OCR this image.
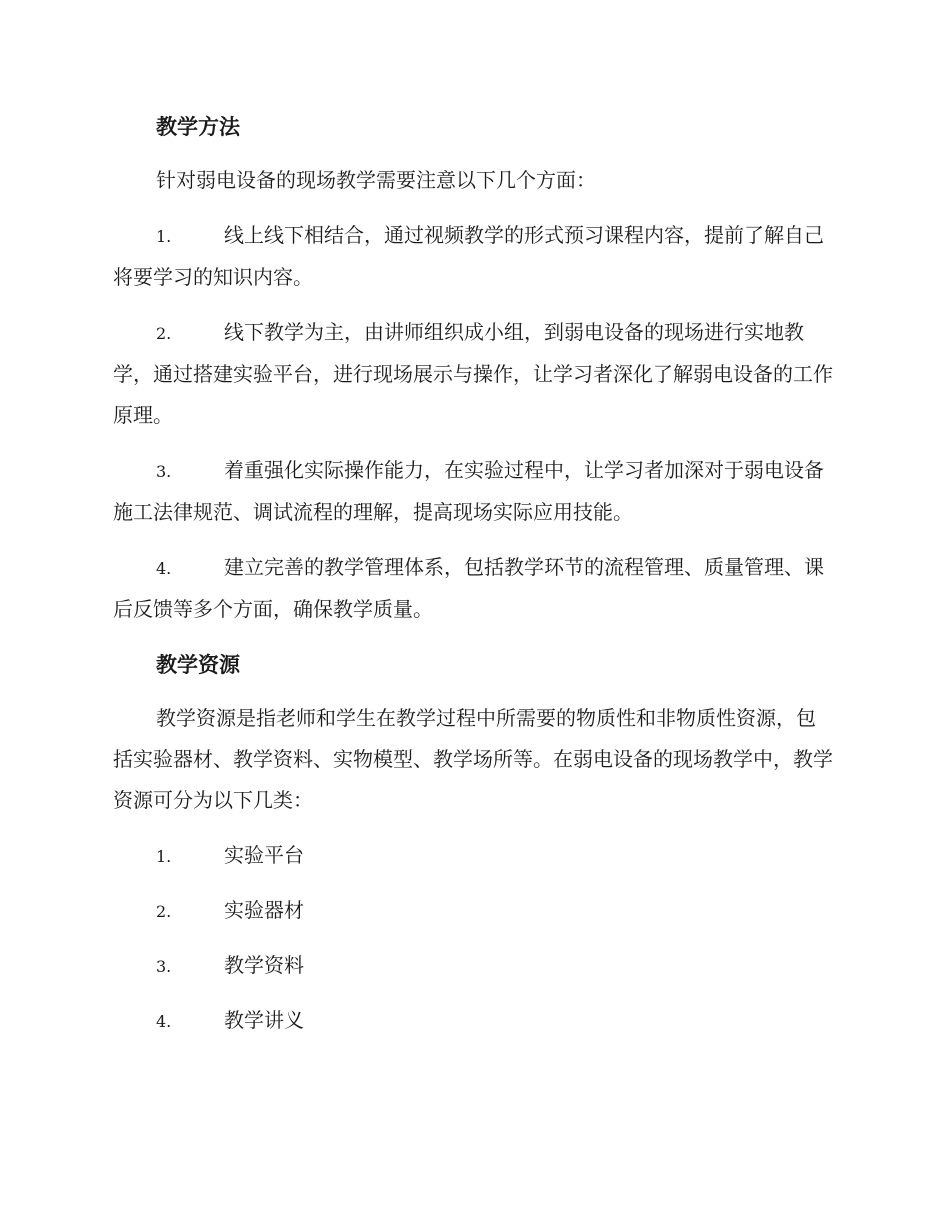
教学方法
针对弱电设备的现场教学需要注意以下几个方面：
1.	线上线下相结合，通过视频教学的形式预习课程内容，提前了解自己将要学习的知识内容。
2.	线下教学为主，由讲师组织成小组，到弱电设备的现场进行实地教学，通过搭建实验平台，进行现场展示与操作，让学习者深化了解弱电设备的工作原理。
3.	着重强化实际操作能力，在实验过程中，让学习者加深对于弱电设备施工法律规范、调试流程的理解，提高现场实际应用技能。
4.	建立完善的教学管理体系，包括教学环节的流程管理、质量管理、课后反馈等多个方面，确保教学质量。
教学资源
教学资源是指老师和学生在教学过程中所需要的物质性和非物质性资源，包括实验器材、教学资料、实物模型、教学场所等。在弱电设备的现场教学中，教学资源可分为以下几类：
1.	实验平台
2.	实验器材
3.	教学资料
4.	教学讲义
